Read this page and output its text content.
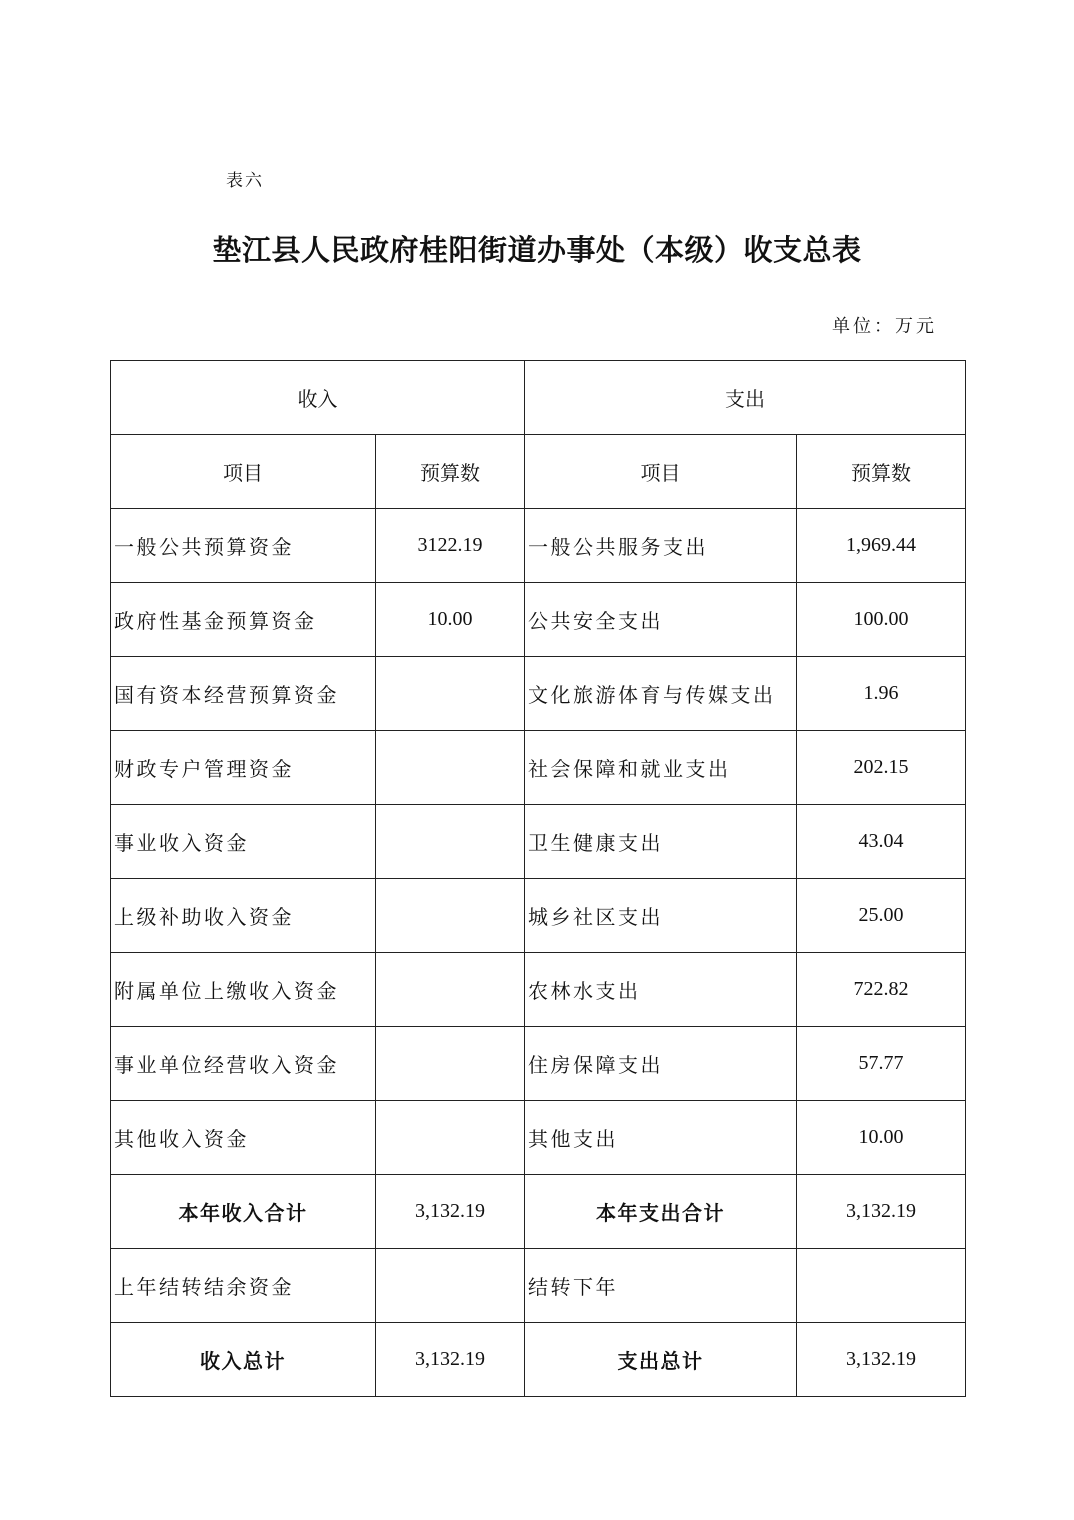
表六
垫江县人民政府桂阳街道办事处（本级）收支总表
单位：万元
收入		支出	
项目	预算数	项目	预算数
一般公共预算资金	3122.19	一般公共服务支出	1,969.44
政府性基金预算资金	10.00	公共安全支出	100.00
国有资本经营预算资金		文化旅游体育与传媒支出	1.96
财政专户管理资金		社会保障和就业支出	202.15
事业收入资金		卫生健康支出	43.04
上级补助收入资金		城乡社区支出	25.00
附属单位上缴收入资金		农林水支出	722.82
事业单位经营收入资金		住房保障支出	57.77
其他收入资金		其他支出	10.00
本年收入合计	3,132.19	本年支出合计	3,132.19
上年结转结余资金		结转下年	
收入总计	3,132.19	支出总计	3,132.19
